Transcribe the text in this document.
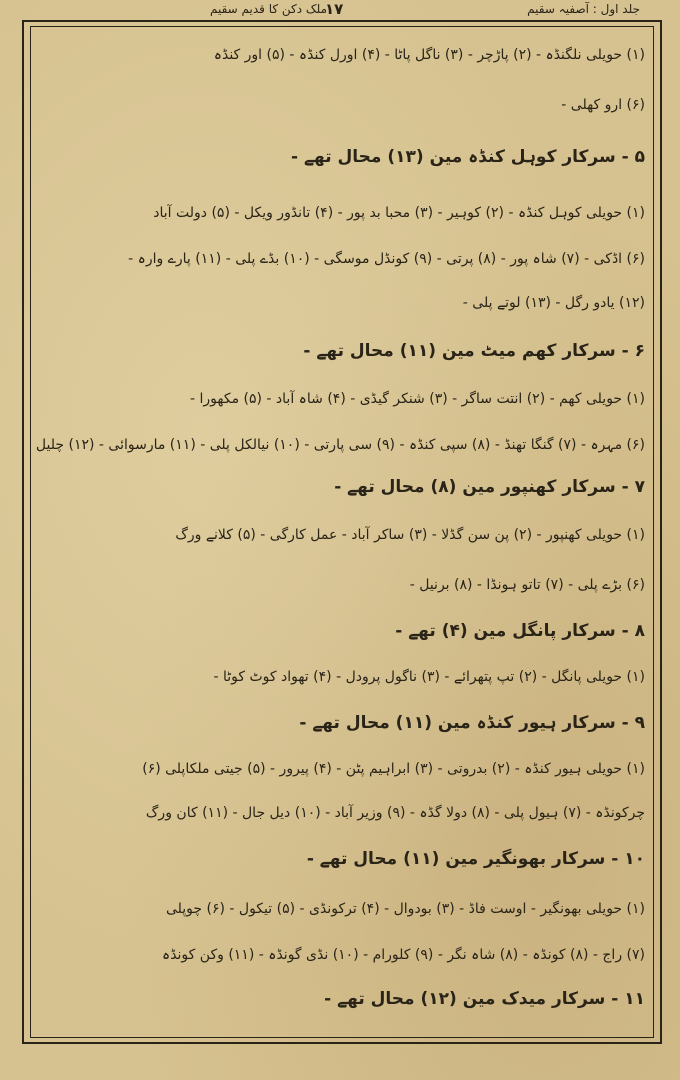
جلد اول : آصفیہ سقیم
۱۷
ملک دکن کا قدیم سقیم
(۱) حویلی نلگنڈہ - (۲) پاڑچر - (۳) ناگل پاٹا - (۴) اورل کنڈہ - (۵) اور کنڈہ
(۶) ارو کھلی -
۵ - سرکار کوہل کنڈہ مین (۱۳) محال تھے -
(۱) حویلی کوہل کنڈہ - (۲) کوہیر - (۳) محبا بد پور - (۴) تانڈور ویکل - (۵) دولت آباد
(۶) اڈکی - (۷) شاہ پور - (۸) پرتی - (۹) کونڈل موسگی - (۱۰) بڈے پلی - (۱۱) پارے وارہ -
(۱۲) یادو رگل - (۱۳) لوتے پلی -
۶ - سرکار کھم میٹ مین (۱۱) محال تھے -
(۱) حویلی کھم - (۲) انتت ساگر - (۳) شنکر گیڈی - (۴) شاہ آباد - (۵) مکھورا -
(۶) مہرہ - (۷) گنگا تھنڈ - (۸) سپی کنڈہ - (۹) سی پارتی - (۱۰) نیالکل پلی - (۱۱) مارسوائی - (۱۲) چلیل
۷ - سرکار کھنپور مین (۸) محال تھے -
(۱) حویلی کھنپور - (۲) پن سن گڈلا - (۳) ساکر آباد - عمل کارگی - (۵) کلانے ورگ
(۶) بڑے پلی - (۷) تاتو ہونڈا - (۸) برنیل -
۸ - سرکار پانگل مین (۴) تھے -
(۱) حویلی پانگل - (۲) تپ پتھرائے - (۳) ناگول پرودل - (۴) تھواد کوٹ کوٹا -
۹ - سرکار ہیور کنڈہ مین (۱۱) محال تھے -
(۱) حویلی ہیور کنڈہ - (۲) بدروتی - (۳) ابراہیم پٹن - (۴) پیرور - (۵) جیتی ملکاپلی (۶)
چرکونڈہ - (۷) ہیول پلی - (۸) دولا گڈہ - (۹) وزیر آباد - (۱۰) دیل جال - (۱۱) کان ورگ
۱۰ - سرکار بھونگیر مین (۱۱) محال تھے -
(۱) حویلی بھونگیر - اوست فاڈ - (۳) بودوال - (۴) ترکونڈی - (۵) تیکول - (۶) چوپلی
(۷) راج - (۸) کونڈہ - (۸) شاہ نگر - (۹) کلورام - (۱۰) نڈی گونڈہ - (۱۱) وکن کونڈہ
۱۱ - سرکار میدک مین (۱۲) محال تھے -
